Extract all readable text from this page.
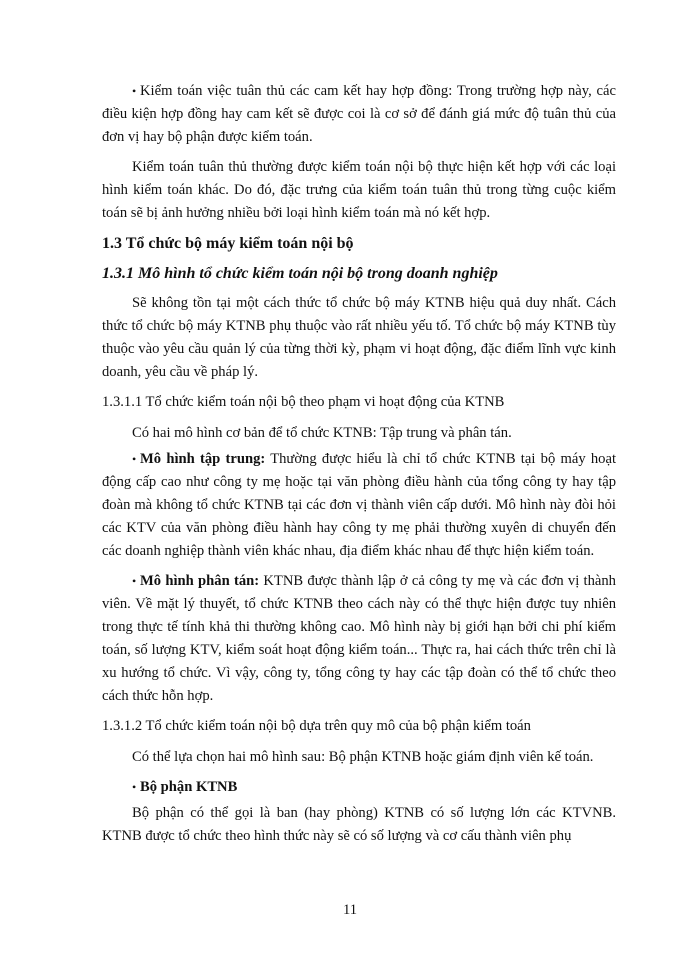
• Kiểm toán việc tuân thủ các cam kết hay hợp đồng: Trong trường hợp này, các điều kiện hợp đồng hay cam kết sẽ được coi là cơ sở để đánh giá mức độ tuân thủ của đơn vị hay bộ phận được kiểm toán.

Kiểm toán tuân thủ thường được kiểm toán nội bộ thực hiện kết hợp với các loại hình kiểm toán khác. Do đó, đặc trưng của kiểm toán tuân thủ trong từng cuộc kiểm toán sẽ bị ảnh hưởng nhiều bởi loại hình kiểm toán mà nó kết hợp.

1.3 Tổ chức bộ máy kiểm toán nội bộ
1.3.1 Mô hình tổ chức kiểm toán nội bộ trong doanh nghiệp

Sẽ không tồn tại một cách thức tổ chức bộ máy KTNB hiệu quả duy nhất. Cách thức tổ chức bộ máy KTNB phụ thuộc vào rất nhiều yếu tố. Tổ chức bộ máy KTNB tùy thuộc vào yêu cầu quản lý của từng thời kỳ, phạm vi hoạt động, đặc điểm lĩnh vực kinh doanh, yêu cầu về pháp lý.

1.3.1.1 Tổ chức kiểm toán nội bộ theo phạm vi hoạt động của KTNB

Có hai mô hình cơ bản để tổ chức KTNB: Tập trung và phân tán.

• Mô hình tập trung: Thường được hiểu là chỉ tổ chức KTNB tại bộ máy hoạt động cấp cao như công ty mẹ hoặc tại văn phòng điều hành của tổng công ty hay tập đoàn mà không tổ chức KTNB tại các đơn vị thành viên cấp dưới. Mô hình này đòi hỏi các KTV của văn phòng điều hành hay công ty mẹ phải thường xuyên di chuyển đến các doanh nghiệp thành viên khác nhau, địa điểm khác nhau để thực hiện kiểm toán.

• Mô hình phân tán: KTNB được thành lập ở cả công ty mẹ và các đơn vị thành viên. Về mặt lý thuyết, tổ chức KTNB theo cách này có thể thực hiện được tuy nhiên trong thực tế tính khả thi thường không cao. Mô hình này bị giới hạn bởi chi phí kiểm toán, số lượng KTV, kiểm soát hoạt động kiểm toán... Thực ra, hai cách thức trên chỉ là xu hướng tổ chức. Vì vậy, công ty, tổng công ty hay các tập đoàn có thể tổ chức theo cách thức hỗn hợp.

1.3.1.2 Tổ chức kiểm toán nội bộ dựa trên quy mô của bộ phận kiểm toán

Có thể lựa chọn hai mô hình sau: Bộ phận KTNB hoặc giám định viên kế toán.

• Bộ phận KTNB

Bộ phận có thể gọi là ban (hay phòng) KTNB có số lượng lớn các KTVNB. KTNB được tổ chức theo hình thức này sẽ có số lượng và cơ cấu thành viên phụ

11
